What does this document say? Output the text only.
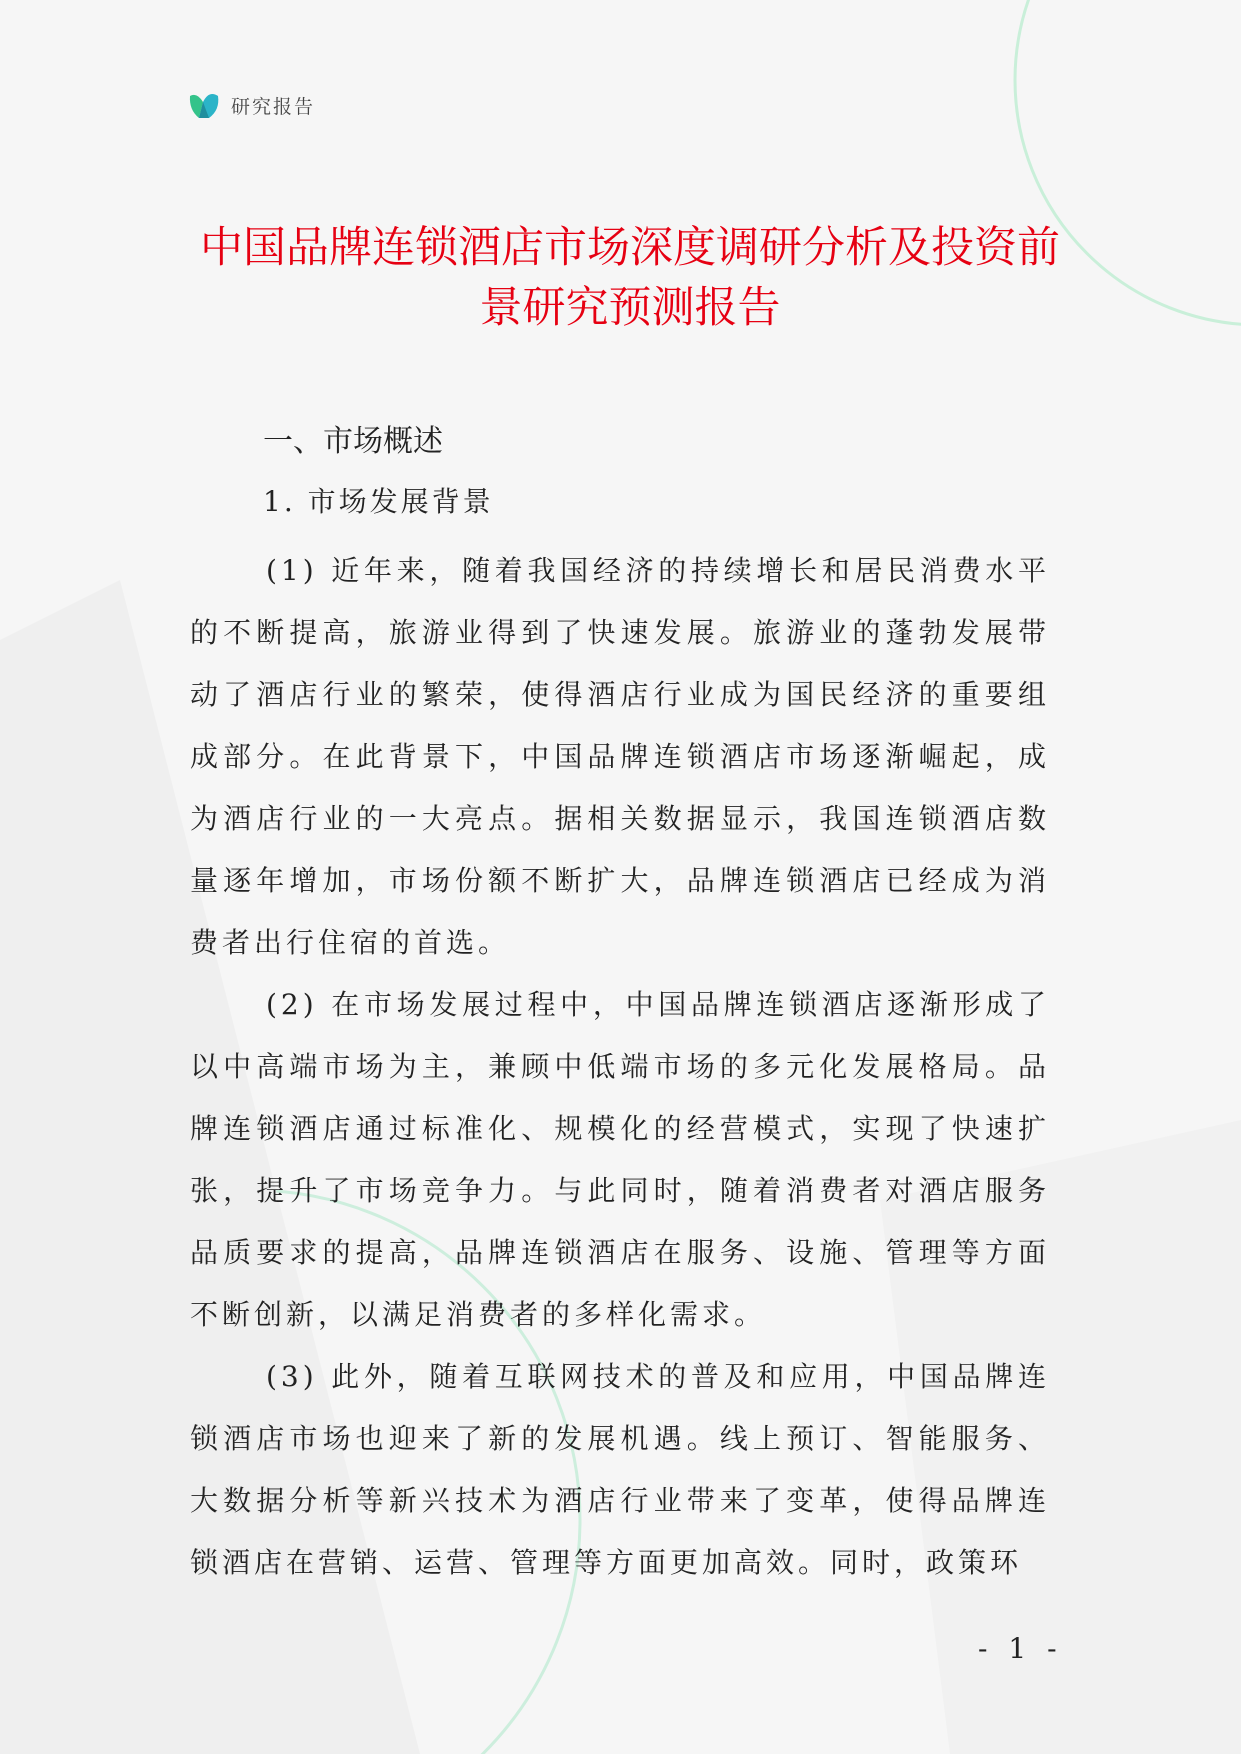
研究报告
中国品牌连锁酒店市场深度调研分析及投资前景研究预测报告
一、市场概述
1. 市场发展背景

(1) 近年来，随着我国经济的持续增长和居民消费水平的不断提高，旅游业得到了快速发展。旅游业的蓬勃发展带动了酒店行业的繁荣，使得酒店行业成为国民经济的重要组成部分。在此背景下，中国品牌连锁酒店市场逐渐崛起，成为酒店行业的一大亮点。据相关数据显示，我国连锁酒店数量逐年增加，市场份额不断扩大，品牌连锁酒店已经成为消费者出行住宿的首选。

(2) 在市场发展过程中，中国品牌连锁酒店逐渐形成了以中高端市场为主，兼顾中低端市场的多元化发展格局。品牌连锁酒店通过标准化、规模化的经营模式，实现了快速扩张，提升了市场竞争力。与此同时，随着消费者对酒店服务品质要求的提高，品牌连锁酒店在服务、设施、管理等方面不断创新，以满足消费者的多样化需求。

(3) 此外，随着互联网技术的普及和应用，中国品牌连锁酒店市场也迎来了新的发展机遇。线上预订、智能服务、大数据分析等新兴技术为酒店行业带来了变革，使得品牌连锁酒店在营销、运营、管理等方面更加高效。同时，政策环

- 1 -
